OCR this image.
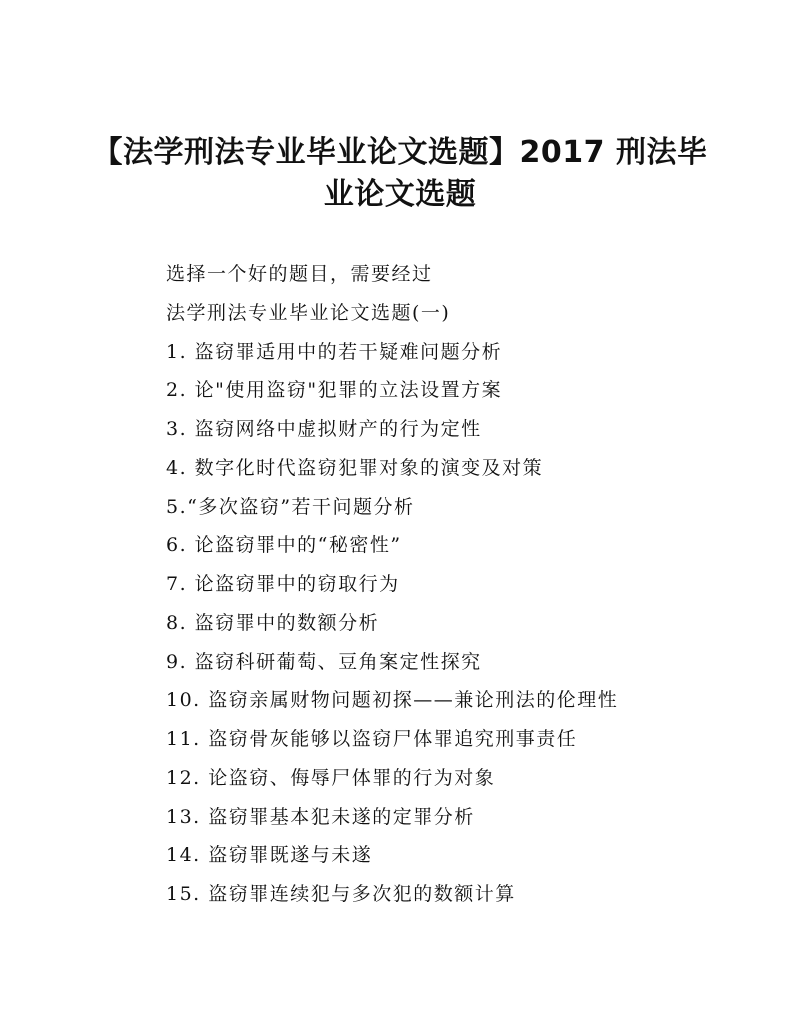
【法学刑法专业毕业论文选题】2017 刑法毕
业论文选题
选择一个好的题目，需要经过
法学刑法专业毕业论文选题(一)
1. 盗窃罪适用中的若干疑难问题分析
2. 论"使用盗窃"犯罪的立法设置方案
3. 盗窃网络中虚拟财产的行为定性
4. 数字化时代盗窃犯罪对象的演变及对策
5.“多次盗窃”若干问题分析
6. 论盗窃罪中的“秘密性”
7. 论盗窃罪中的窃取行为
8. 盗窃罪中的数额分析
9. 盗窃科研葡萄、豆角案定性探究
10. 盗窃亲属财物问题初探——兼论刑法的伦理性
11. 盗窃骨灰能够以盗窃尸体罪追究刑事责任
12. 论盗窃、侮辱尸体罪的行为对象
13. 盗窃罪基本犯未遂的定罪分析
14. 盗窃罪既遂与未遂
15. 盗窃罪连续犯与多次犯的数额计算
